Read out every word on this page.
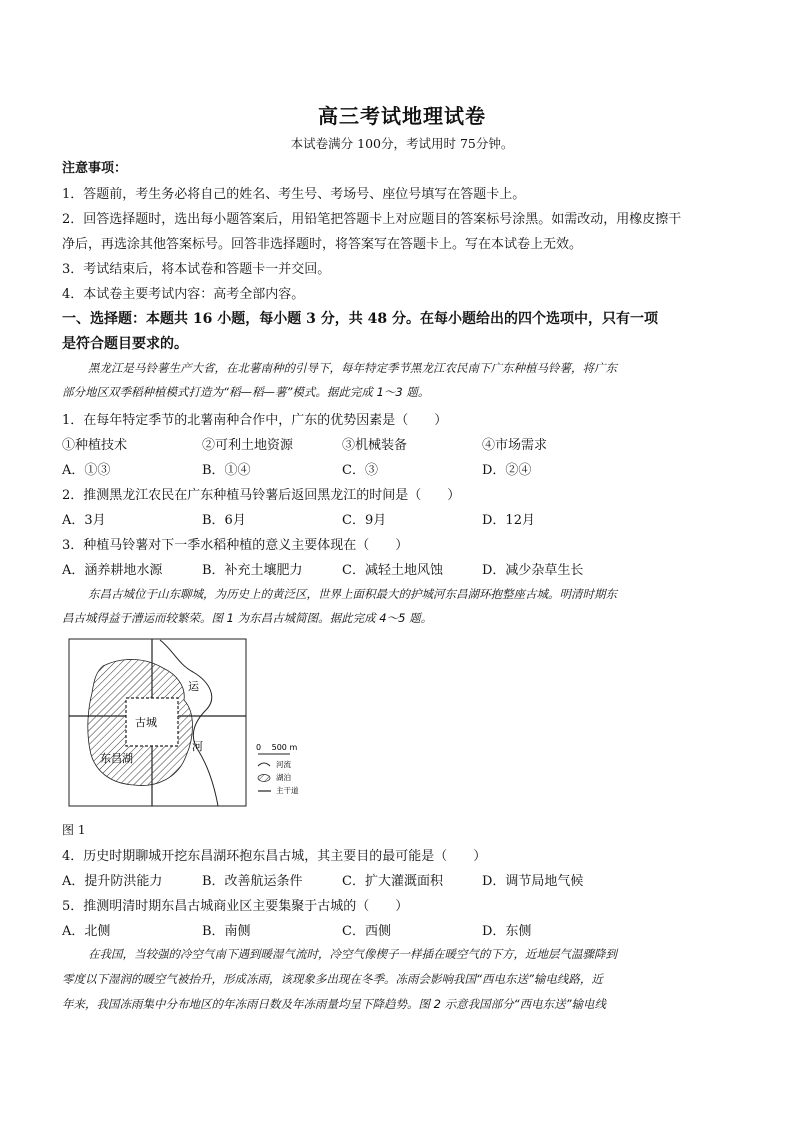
高三考试地理试卷
本试卷满分 100分，考试用时 75分钟。
注意事项：
1．答题前，考生务必将自己的姓名、考生号、考场号、座位号填写在答题卡上。
2．回答选择题时，选出每小题答案后，用铅笔把答题卡上对应题目的答案标号涂黑。如需改动，用橡皮擦干
净后，再选涂其他答案标号。回答非选择题时，将答案写在答题卡上。写在本试卷上无效。
3．考试结束后，将本试卷和答题卡一并交回。
4．本试卷主要考试内容：高考全部内容。
一、选择题：本题共 16 小题，每小题 3 分，共 48 分。在每小题给出的四个选项中，只有一项
是符合题目要求的。
黑龙江是马铃薯生产大省，在北薯南种的引导下，每年特定季节黑龙江农民南下广东种植马铃薯，将广东
部分地区双季稻种植模式打造为“稻—稻—薯”模式。据此完成 1～3 题。
1．在每年特定季节的北薯南种合作中，广东的优势因素是（　　）
①种植技术	②可利土地资源	③机械装备	④市场需求
A．①③	B．①④	C．③	D．②④
2．推测黑龙江农民在广东种植马铃薯后返回黑龙江的时间是（　　）
A．3月	B．6月	C．9月	D．12月
3．种植马铃薯对下一季水稻种植的意义主要体现在（　　）
A．涵养耕地水源	B．补充土壤肥力	C．减轻土地风蚀	D．减少杂草生长
东昌古城位于山东聊城，为历史上的黄泛区，世界上面积最大的护城河东昌湖环抱整座古城。明清时期东
昌古城得益于漕运而较繁荣。图 1 为东昌古城简图。据此完成 4～5 题。
图 1
4．历史时期聊城开挖东昌湖环抱东昌古城，其主要目的最可能是（　　）
A．提升防洪能力	B．改善航运条件	C．扩大灌溉面积	D．调节局地气候
5．推测明清时期东昌古城商业区主要集聚于古城的（　　）
A．北侧	B．南侧	C．西侧	D．东侧
在我国，当较强的冷空气南下遇到暖湿气流时，冷空气像楔子一样插在暖空气的下方，近地层气温骤降到
零度以下湿润的暖空气被抬升，形成冻雨，该现象多出现在冬季。冻雨会影响我国“西电东送”输电线路，近
年来，我国冻雨集中分布地区的年冻雨日数及年冻雨量均呈下降趋势。图 2 示意我国部分“西电东送”输电线
古城
东昌湖
运
河	0　 500 m
河流
湖泊
主干道
